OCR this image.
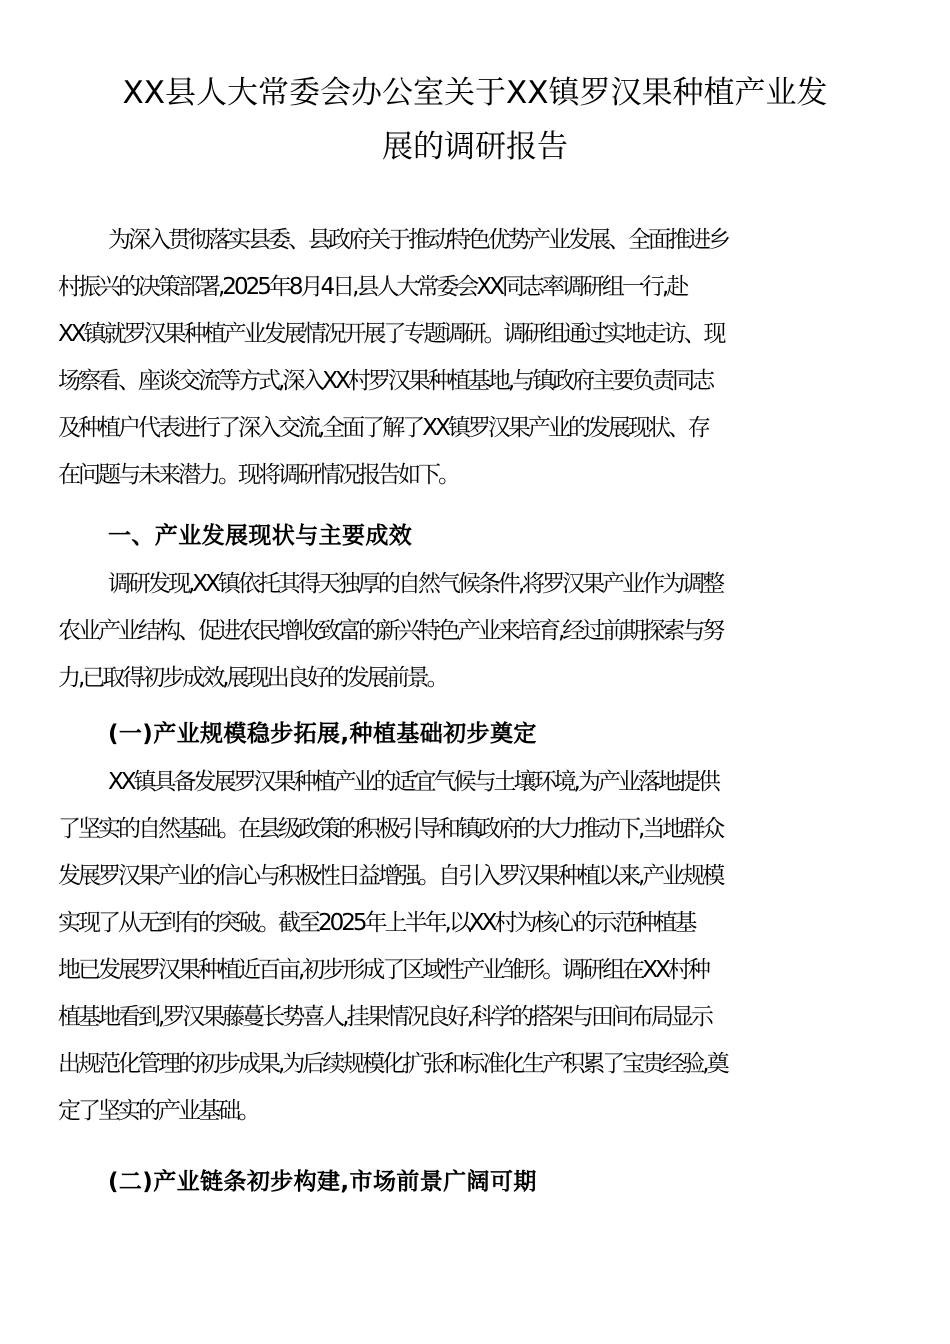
XX县人大常委会办公室关于XX镇罗汉果种植产业发
展的调研报告

为深入贯彻落实县委、县政府关于推动特色优势产业发展、全面推进乡
村振兴的决策部署,2025年8月4日,县人大常委会XX同志率调研组一行,赴
XX镇就罗汉果种植产业发展情况开展了专题调研。调研组通过实地走访、现
场察看、座谈交流等方式,深入XX村罗汉果种植基地,与镇政府主要负责同志
及种植户代表进行了深入交流,全面了解了XX镇罗汉果产业的发展现状、存
在问题与未来潜力。现将调研情况报告如下。

一、产业发展现状与主要成效

调研发现,XX镇依托其得天独厚的自然气候条件,将罗汉果产业作为调整
农业产业结构、促进农民增收致富的新兴特色产业来培育,经过前期探索与努
力,已取得初步成效,展现出良好的发展前景。

(一)产业规模稳步拓展,种植基础初步奠定

XX镇具备发展罗汉果种植产业的适宜气候与土壤环境,为产业落地提供
了坚实的自然基础。在县级政策的积极引导和镇政府的大力推动下,当地群众
发展罗汉果产业的信心与积极性日益增强。自引入罗汉果种植以来,产业规模
实现了从无到有的突破。截至2025年上半年,以XX村为核心的示范种植基
地已发展罗汉果种植近百亩,初步形成了区域性产业雏形。调研组在XX村种
植基地看到,罗汉果藤蔓长势喜人,挂果情况良好,科学的搭架与田间布局显示
出规范化管理的初步成果,为后续规模化扩张和标准化生产积累了宝贵经验,奠
定了坚实的产业基础。

(二)产业链条初步构建,市场前景广阔可期
